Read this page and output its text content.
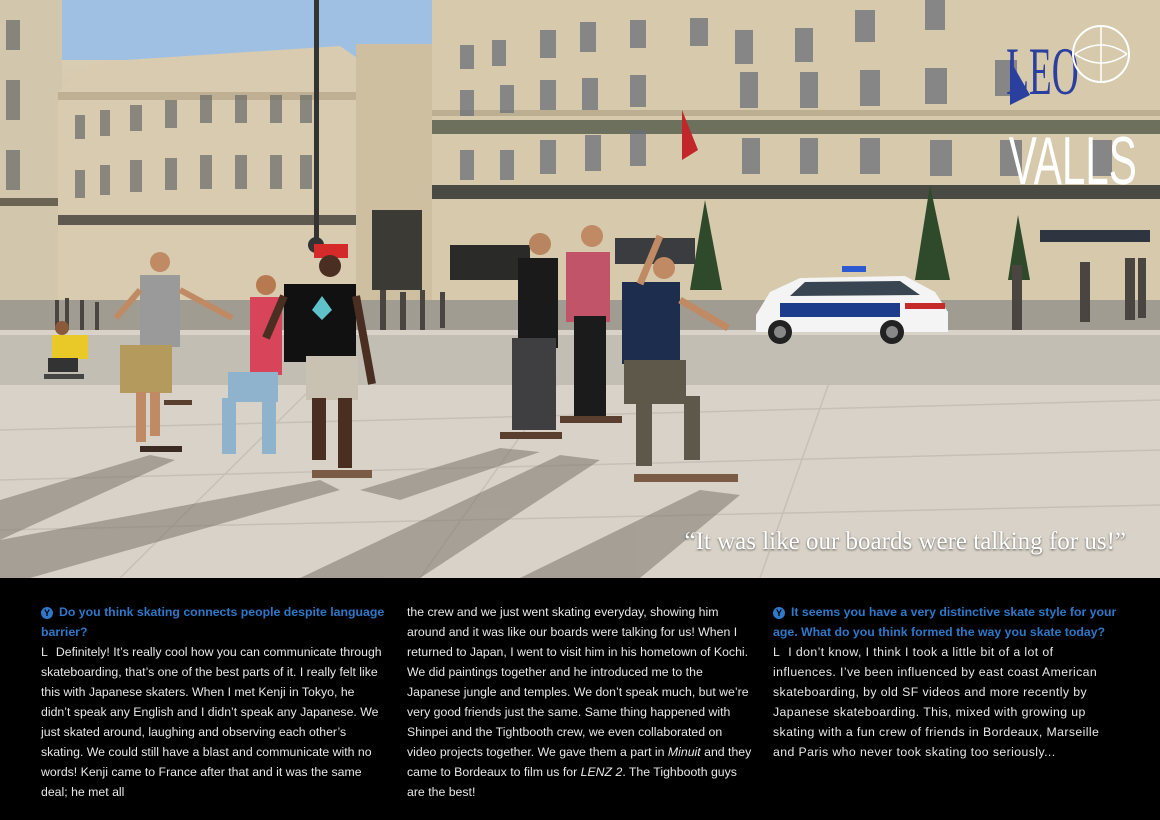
LEO
VALLS
“It was like our boards were talking for us!”

Y Do you think skating connects people despite language barrier?

L Definitely! It’s really cool how you can communicate through skateboarding, that’s one of the best parts of it. I really felt like this with Japanese skaters. When I met Kenji in Tokyo, he didn’t speak any English and I didn’t speak any Japanese. We just skated around, laughing and observing each other’s skating. We could still have a blast and communicate with no words! Kenji came to France after that and it was the same deal; he met all

the crew and we just went skating everyday, showing him around and it was like our boards were talking for us! When I returned to Japan, I went to visit him in his hometown of Kochi. We did paintings together and he introduced me to the Japanese jungle and temples. We don’t speak much, but we’re very good friends just the same. Same thing happened with Shinpei and the Tightbooth crew, we even collaborated on video projects together. We gave them a part in Minuit and they came to Bordeaux to film us for LENZ 2. The Tighbooth guys are the best!

Y It seems you have a very distinctive skate style for your age. What do you think formed the way you skate today?

L I don’t know, I think I took a little bit of a lot of influences. I’ve been influenced by east coast American skateboarding, by old SF videos and more recently by Japanese skateboarding. This, mixed with growing up skating with a fun crew of friends in Bordeaux, Marseille and Paris who never took skating too seriously...
